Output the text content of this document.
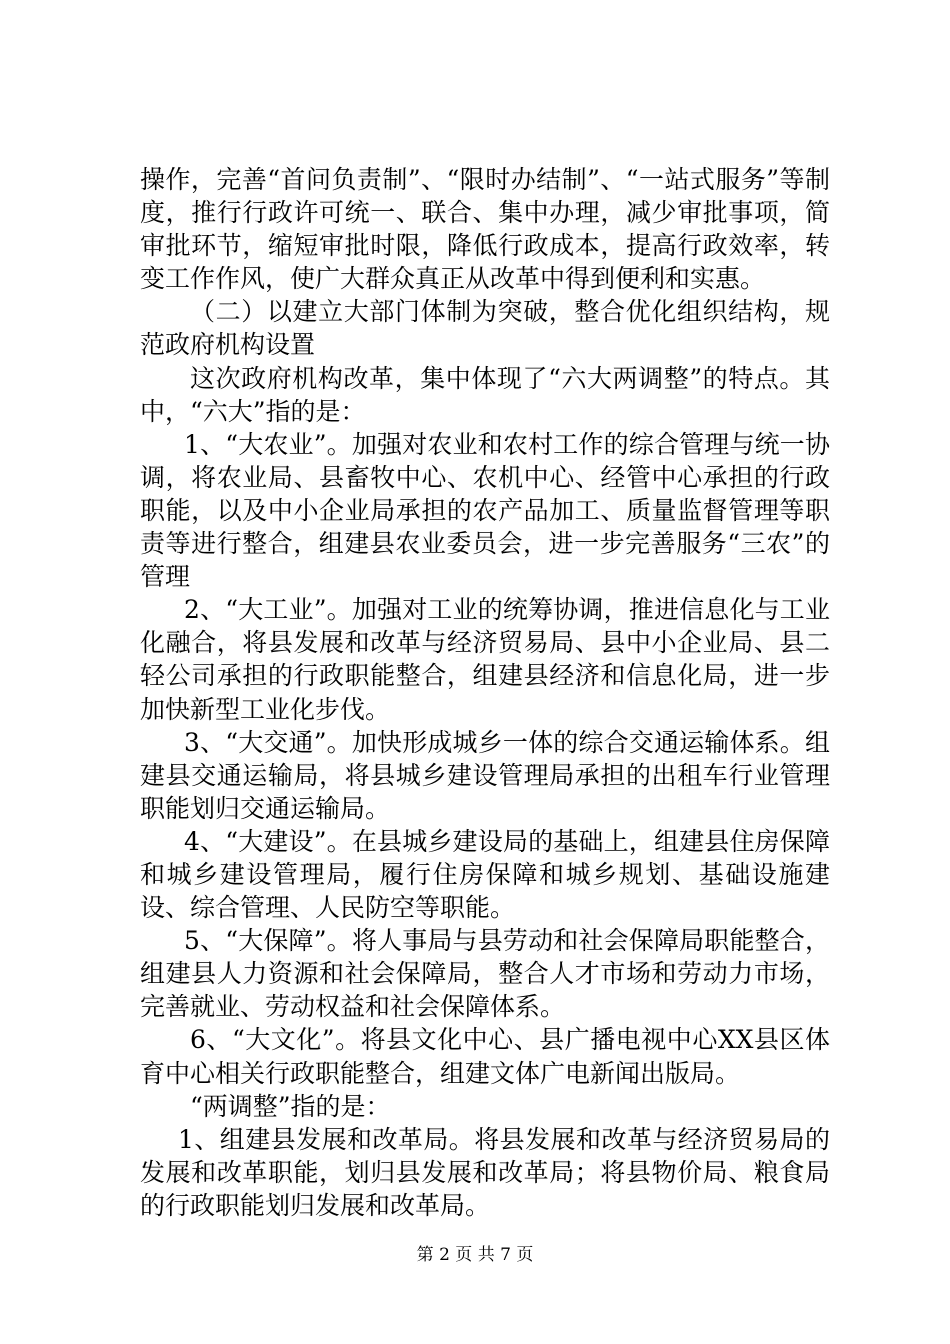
操作，完善“首问负责制”、“限时办结制”、“一站式服务”等制度，推行行政许可统一、联合、集中办理，减少审批事项，简审批环节，缩短审批时限，降低行政成本，提高行政效率，转变工作作风，使广大群众真正从改革中得到便利和实惠。

（二）以建立大部门体制为突破，整合优化组织结构，规范政府机构设置

这次政府机构改革，集中体现了“六大两调整”的特点。其中，“六大”指的是：

1、“大农业”。加强对农业和农村工作的综合管理与统一协调，将农业局、县畜牧中心、农机中心、经管中心承担的行政职能，以及中小企业局承担的农产品加工、质量监督管理等职责等进行整合，组建县农业委员会，进一步完善服务“三农”的管理

2、“大工业”。加强对工业的统筹协调，推进信息化与工业化融合，将县发展和改革与经济贸易局、县中小企业局、县二轻公司承担的行政职能整合，组建县经济和信息化局，进一步加快新型工业化步伐。

3、“大交通”。加快形成城乡一体的综合交通运输体系。组建县交通运输局，将县城乡建设管理局承担的出租车行业管理职能划归交通运输局。

4、“大建设”。在县城乡建设局的基础上，组建县住房保障和城乡建设管理局，履行住房保障和城乡规划、基础设施建设、综合管理、人民防空等职能。

5、“大保障”。将人事局与县劳动和社会保障局职能整合，组建县人力资源和社会保障局，整合人才市场和劳动力市场，完善就业、劳动权益和社会保障体系。

6、“大文化”。将县文化中心、县广播电视中心XX县区体育中心相关行政职能整合，组建文体广电新闻出版局。

“两调整”指的是：

1、组建县发展和改革局。将县发展和改革与经济贸易局的发展和改革职能，划归县发展和改革局；将县物价局、粮食局的行政职能划归发展和改革局。

第 2 页 共 7 页
